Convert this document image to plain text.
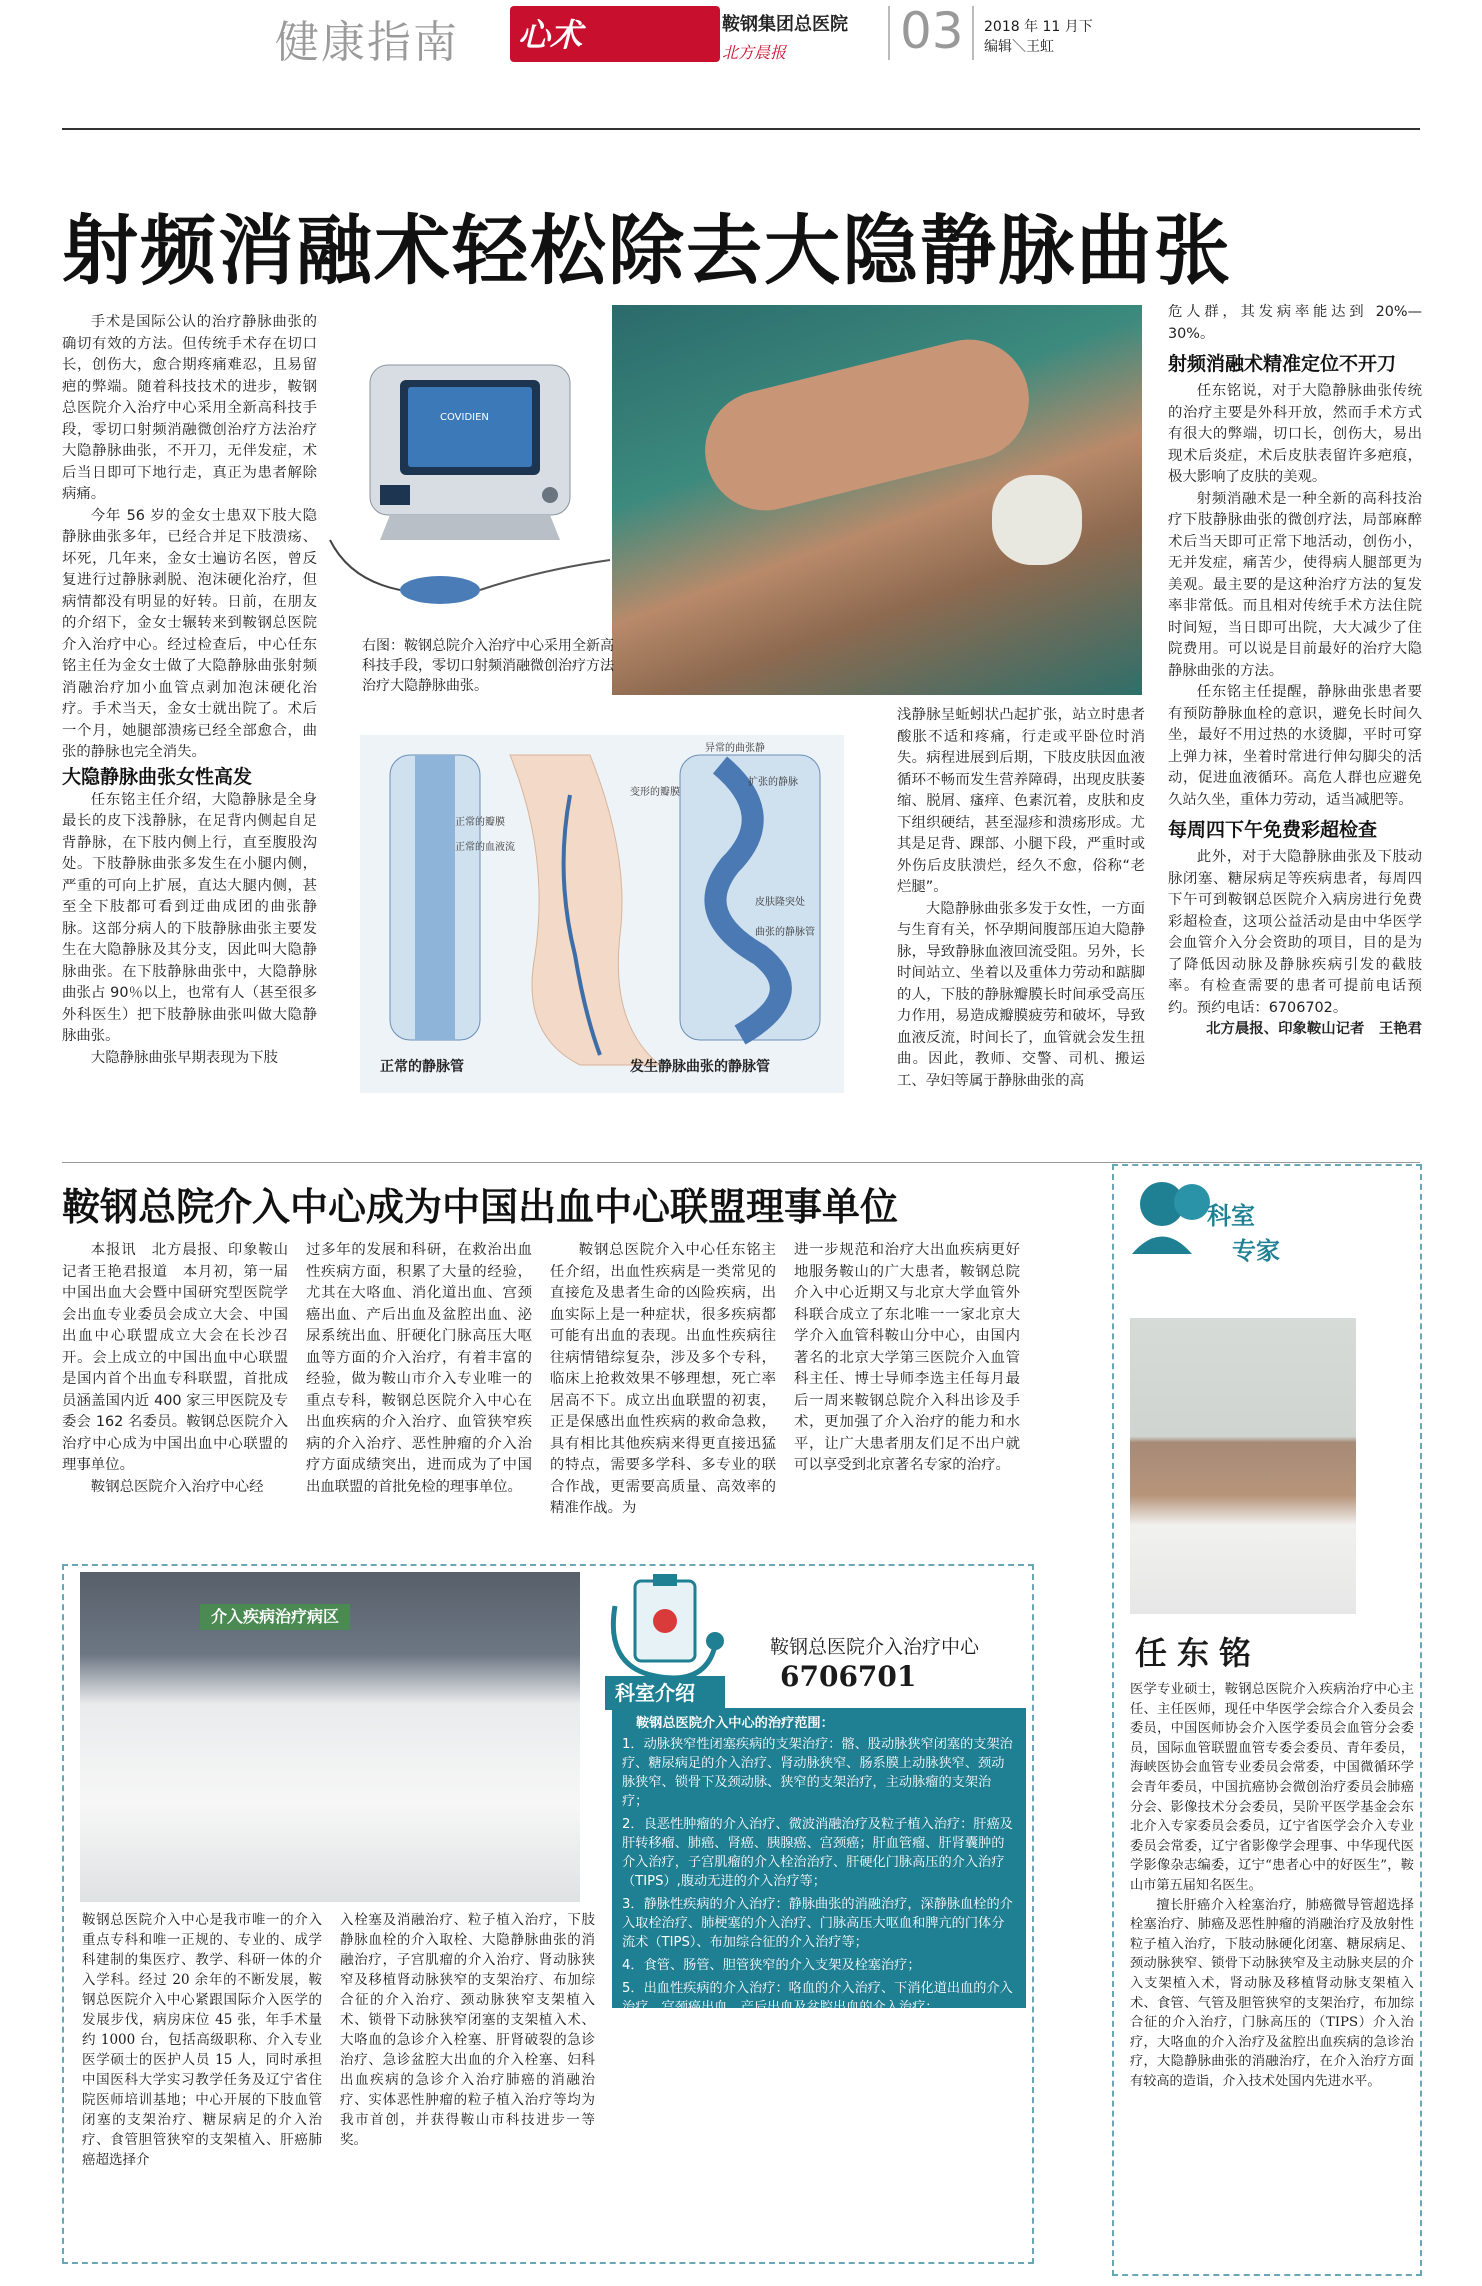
健康指南 心术	鞍钢集团总医院
北方晨报 03 2018 年 11 月下
编辑＼王虹
射频消融术轻松除去大隐静脉曲张
COVIDIEN
右图：鞍钢总院介入治疗中心采用全新高科技手段，零切口射频消融微创治疗方法治疗大隐静脉曲张。
正常的静脉管	发生静脉曲张的静脉管
正常的瓣膜
正常的血液流
异常的曲张静
扩张的静脉
变形的瓣膜
皮肤隆突处
曲张的静脉管

手术是国际公认的治疗静脉曲张的确切有效的方法。但传统手术存在切口长，创伤大，愈合期疼痛难忍，且易留疤的弊端。随着科技技术的进步，鞍钢总医院介入治疗中心采用全新高科技手段，零切口射频消融微创治疗方法治疗大隐静脉曲张，不开刀，无伴发症，术后当日即可下地行走，真正为患者解除病痛。

今年 56 岁的金女士患双下肢大隐静脉曲张多年，已经合并足下肢溃疡、坏死，几年来，金女士遍访名医，曾反复进行过静脉剥脱、泡沫硬化治疗，但病情都没有明显的好转。日前，在朋友的介绍下，金女士辗转来到鞍钢总医院介入治疗中心。经过检查后，中心任东铭主任为金女士做了大隐静脉曲张射频消融治疗加小血管点剥加泡沫硬化治疗。手术当天，金女士就出院了。术后一个月，她腿部溃疡已经全部愈合，曲张的静脉也完全消失。

大隐静脉曲张女性高发

任东铭主任介绍，大隐静脉是全身最长的皮下浅静脉，在足背内侧起自足背静脉，在下肢内侧上行，直至腹股沟处。下肢静脉曲张多发生在小腿内侧，严重的可向上扩展，直达大腿内侧，甚至全下肢都可看到迂曲成团的曲张静脉。这部分病人的下肢静脉曲张主要发生在大隐静脉及其分支，因此叫大隐静脉曲张。在下肢静脉曲张中，大隐静脉曲张占 90％以上，也常有人（甚至很多外科医生）把下肢静脉曲张叫做大隐静脉曲张。

大隐静脉曲张早期表现为下肢

浅静脉呈蚯蚓状凸起扩张，站立时患者酸胀不适和疼痛，行走或平卧位时消失。病程进展到后期，下肢皮肤因血液循环不畅而发生营养障碍，出现皮肤萎缩、脱屑、瘙痒、色素沉着，皮肤和皮下组织硬结，甚至湿疹和溃疡形成。尤其是足背、踝部、小腿下段，严重时或外伤后皮肤溃烂，经久不愈，俗称“老烂腿”。

大隐静脉曲张多发于女性，一方面与生育有关，怀孕期间腹部压迫大隐静脉，导致静脉血液回流受阻。另外，长时间站立、坐着以及重体力劳动和踮脚的人，下肢的静脉瓣膜长时间承受高压力作用，易造成瓣膜疲劳和破坏，导致血液反流，时间长了，血管就会发生扭曲。因此，教师、交警、司机、搬运工、孕妇等属于静脉曲张的高

危人群，其发病率能达到 20%—30%。

射频消融术精准定位不开刀

任东铭说，对于大隐静脉曲张传统的治疗主要是外科开放，然而手术方式有很大的弊端，切口长，创伤大，易出现术后炎症，术后皮肤表留许多疤痕，极大影响了皮肤的美观。

射频消融术是一种全新的高科技治疗下肢静脉曲张的微创疗法，局部麻醉术后当天即可正常下地活动，创伤小，无并发症，痛苦少，使得病人腿部更为美观。最主要的是这种治疗方法的复发率非常低。而且相对传统手术方法住院时间短，当日即可出院，大大减少了住院费用。可以说是目前最好的治疗大隐静脉曲张的方法。

任东铭主任提醒，静脉曲张患者要有预防静脉血栓的意识，避免长时间久坐，最好不用过热的水烫脚，平时可穿上弹力袜，坐着时常进行伸勾脚尖的活动，促进血液循环。高危人群也应避免久站久坐，重体力劳动，适当减肥等。

每周四下午免费彩超检查

此外，对于大隐静脉曲张及下肢动脉闭塞、糖尿病足等疾病患者，每周四下午可到鞍钢总医院介入病房进行免费彩超检查，这项公益活动是由中华医学会血管介入分会资助的项目，目的是为了降低因动脉及静脉疾病引发的截肢率。有检查需要的患者可提前电话预约。预约电话：6706702。

北方晨报、印象鞍山记者　王艳君

鞍钢总院介入中心成为中国出血中心联盟理事单位

本报讯　北方晨报、印象鞍山记者王艳君报道　本月初，第一届中国出血大会暨中国研究型医院学会出血专业委员会成立大会、中国出血中心联盟成立大会在长沙召开。会上成立的中国出血中心联盟是国内首个出血专科联盟，首批成员涵盖国内近 400 家三甲医院及专委会 162 名委员。鞍钢总医院介入治疗中心成为中国出血中心联盟的理事单位。

鞍钢总医院介入治疗中心经

过多年的发展和科研，在救治出血性疾病方面，积累了大量的经验，尤其在大咯血、消化道出血、宫颈癌出血、产后出血及盆腔出血、泌尿系统出血、肝硬化门脉高压大呕血等方面的介入治疗，有着丰富的经验，做为鞍山市介入专业唯一的重点专科，鞍钢总医院介入中心在出血疾病的介入治疗、血管狭窄疾病的介入治疗、恶性肿瘤的介入治疗方面成绩突出，进而成为了中国出血联盟的首批免检的理事单位。

鞍钢总医院介入中心任东铭主任介绍，出血性疾病是一类常见的直接危及患者生命的凶险疾病，出血实际上是一种症状，很多疾病都可能有出血的表现。出血性疾病往往病情错综复杂，涉及多个专科，临床上抢救效果不够理想，死亡率居高不下。成立出血联盟的初衷，正是保感出血性疾病的救命急救，具有相比其他疾病来得更直接迅猛的特点，需要多学科、多专业的联合作战，更需要高质量、高效率的精准作战。为

进一步规范和治疗大出血疾病更好地服务鞍山的广大患者，鞍钢总院介入中心近期又与北京大学血管外科联合成立了东北唯一一家北京大学介入血管科鞍山分中心，由国内著名的北京大学第三医院介入血管科主任、博士导师李选主任每月最后一周来鞍钢总院介入科出诊及手术，更加强了介入治疗的能力和水平，让广大患者朋友们足不出户就可以享受到北京著名专家的治疗。

科室
专家
任东铭

医学专业硕士，鞍钢总医院介入疾病治疗中心主任、主任医师，现任中华医学会综合介入委员会委员，中国医师协会介入医学委员会血管分会委员，国际血管联盟血管专委会委员、青年委员，海峡医协会血管专业委员会常委，中国微循环学会青年委员，中国抗癌协会微创治疗委员会肺癌分会、影像技术分会委员，吴阶平医学基金会东北介入专家委员会委员，辽宁省医学会介入专业委员会常委，辽宁省影像学会理事、中华现代医学影像杂志编委，辽宁“患者心中的好医生”，鞍山市第五届知名医生。

擅长肝癌介入栓塞治疗，肺癌微导管超选择栓塞治疗、肺癌及恶性肿瘤的消融治疗及放射性粒子植入治疗，下肢动脉硬化闭塞、糖尿病足、颈动脉狭窄、锁骨下动脉狭窄及主动脉夹层的介入支架植入术，肾动脉及移植肾动脉支架植入术、食管、气管及胆管狭窄的支架治疗，布加综合征的介入治疗，门脉高压的（TIPS）介入治疗，大咯血的介入治疗及盆腔出血疾病的急诊治疗，大隐静脉曲张的消融治疗，在介入治疗方面有较高的造诣，介入技术处国内先进水平。

介入疾病治疗病区
科室介绍
鞍钢总医院介入治疗中心
6706701
鞍钢总医院介入中心的治疗范围：

1．动脉狭窄性闭塞疾病的支架治疗：髂、股动脉狭窄闭塞的支架治疗、糖尿病足的介入治疗、肾动脉狭窄、肠系膜上动脉狭窄、颈动脉狭窄、锁骨下及颈动脉、狭窄的支架治疗，主动脉瘤的支架治疗；

2．良恶性肿瘤的介入治疗、微波消融治疗及粒子植入治疗：肝癌及肝转移瘤、肺癌、肾癌、胰腺癌、宫颈癌；肝血管瘤、肝肾囊肿的介入治疗，子宫肌瘤的介入栓治治疗、肝硬化门脉高压的介入治疗（TIPS）,腹动无进的介入治疗等；

3．静脉性疾病的介入治疗：静脉曲张的消融治疗，深静脉血栓的介入取栓治疗、肺梗塞的介入治疗、门脉高压大呕血和脾亢的门体分流术（TIPS）、布加综合征的介入治疗等；

4．食管、肠管、胆管狭窄的介入支架及栓塞治疗；

5．出血性疾病的介入治疗：咯血的介入治疗、下消化道出血的介入治疗、宫颈癌出血、产后出血及盆腔出血的介入治疗；

6．各类恶性肿瘤的微波消融治疗和粒子植入治疗等

7．各类恶性肿瘤的导管留置粒间化疗；

随着介入医学的普及及发展，介入治疗已经成为与内、外科并列的现代医学不可替代的三大重要组成部分，鞍钢总医院介入疾病治疗中心以一流的技术、优质的服务、高尚的医德、舒适的环境，服务于广大的钢城人民。

鞍钢总医院介入中心是我市唯一的介入重点专科和唯一正规的、专业的、成学科建制的集医疗、教学、科研一体的介入学科。经过 20 余年的不断发展，鞍钢总医院介入中心紧跟国际介入医学的发展步伐，病房床位 45 张，年手术量约 1000 台，包括高级职称、介入专业医学硕士的医护人员 15 人，同时承担中国医科大学实习教学任务及辽宁省住院医师培训基地；中心开展的下肢血管闭塞的支架治疗、糖尿病足的介入治疗、食管胆管狭窄的支架植入、肝癌肺癌超选择介
入栓塞及消融治疗、粒子植入治疗，下肢静脉血栓的介入取栓、大隐静脉曲张的消融治疗，子宫肌瘤的介入治疗、肾动脉狭窄及移植肾动脉狭窄的支架治疗、布加综合征的介入治疗、颈动脉狭窄支架植入术、锁骨下动脉狭窄闭塞的支架植入术、大咯血的急诊介入栓塞、肝肾破裂的急诊治疗、急诊盆腔大出血的介入栓塞、妇科出血疾病的急诊介入治疗肺癌的消融治疗、实体恶性肿瘤的粒子植入治疗等均为我市首创，并获得鞍山市科技进步一等奖。
